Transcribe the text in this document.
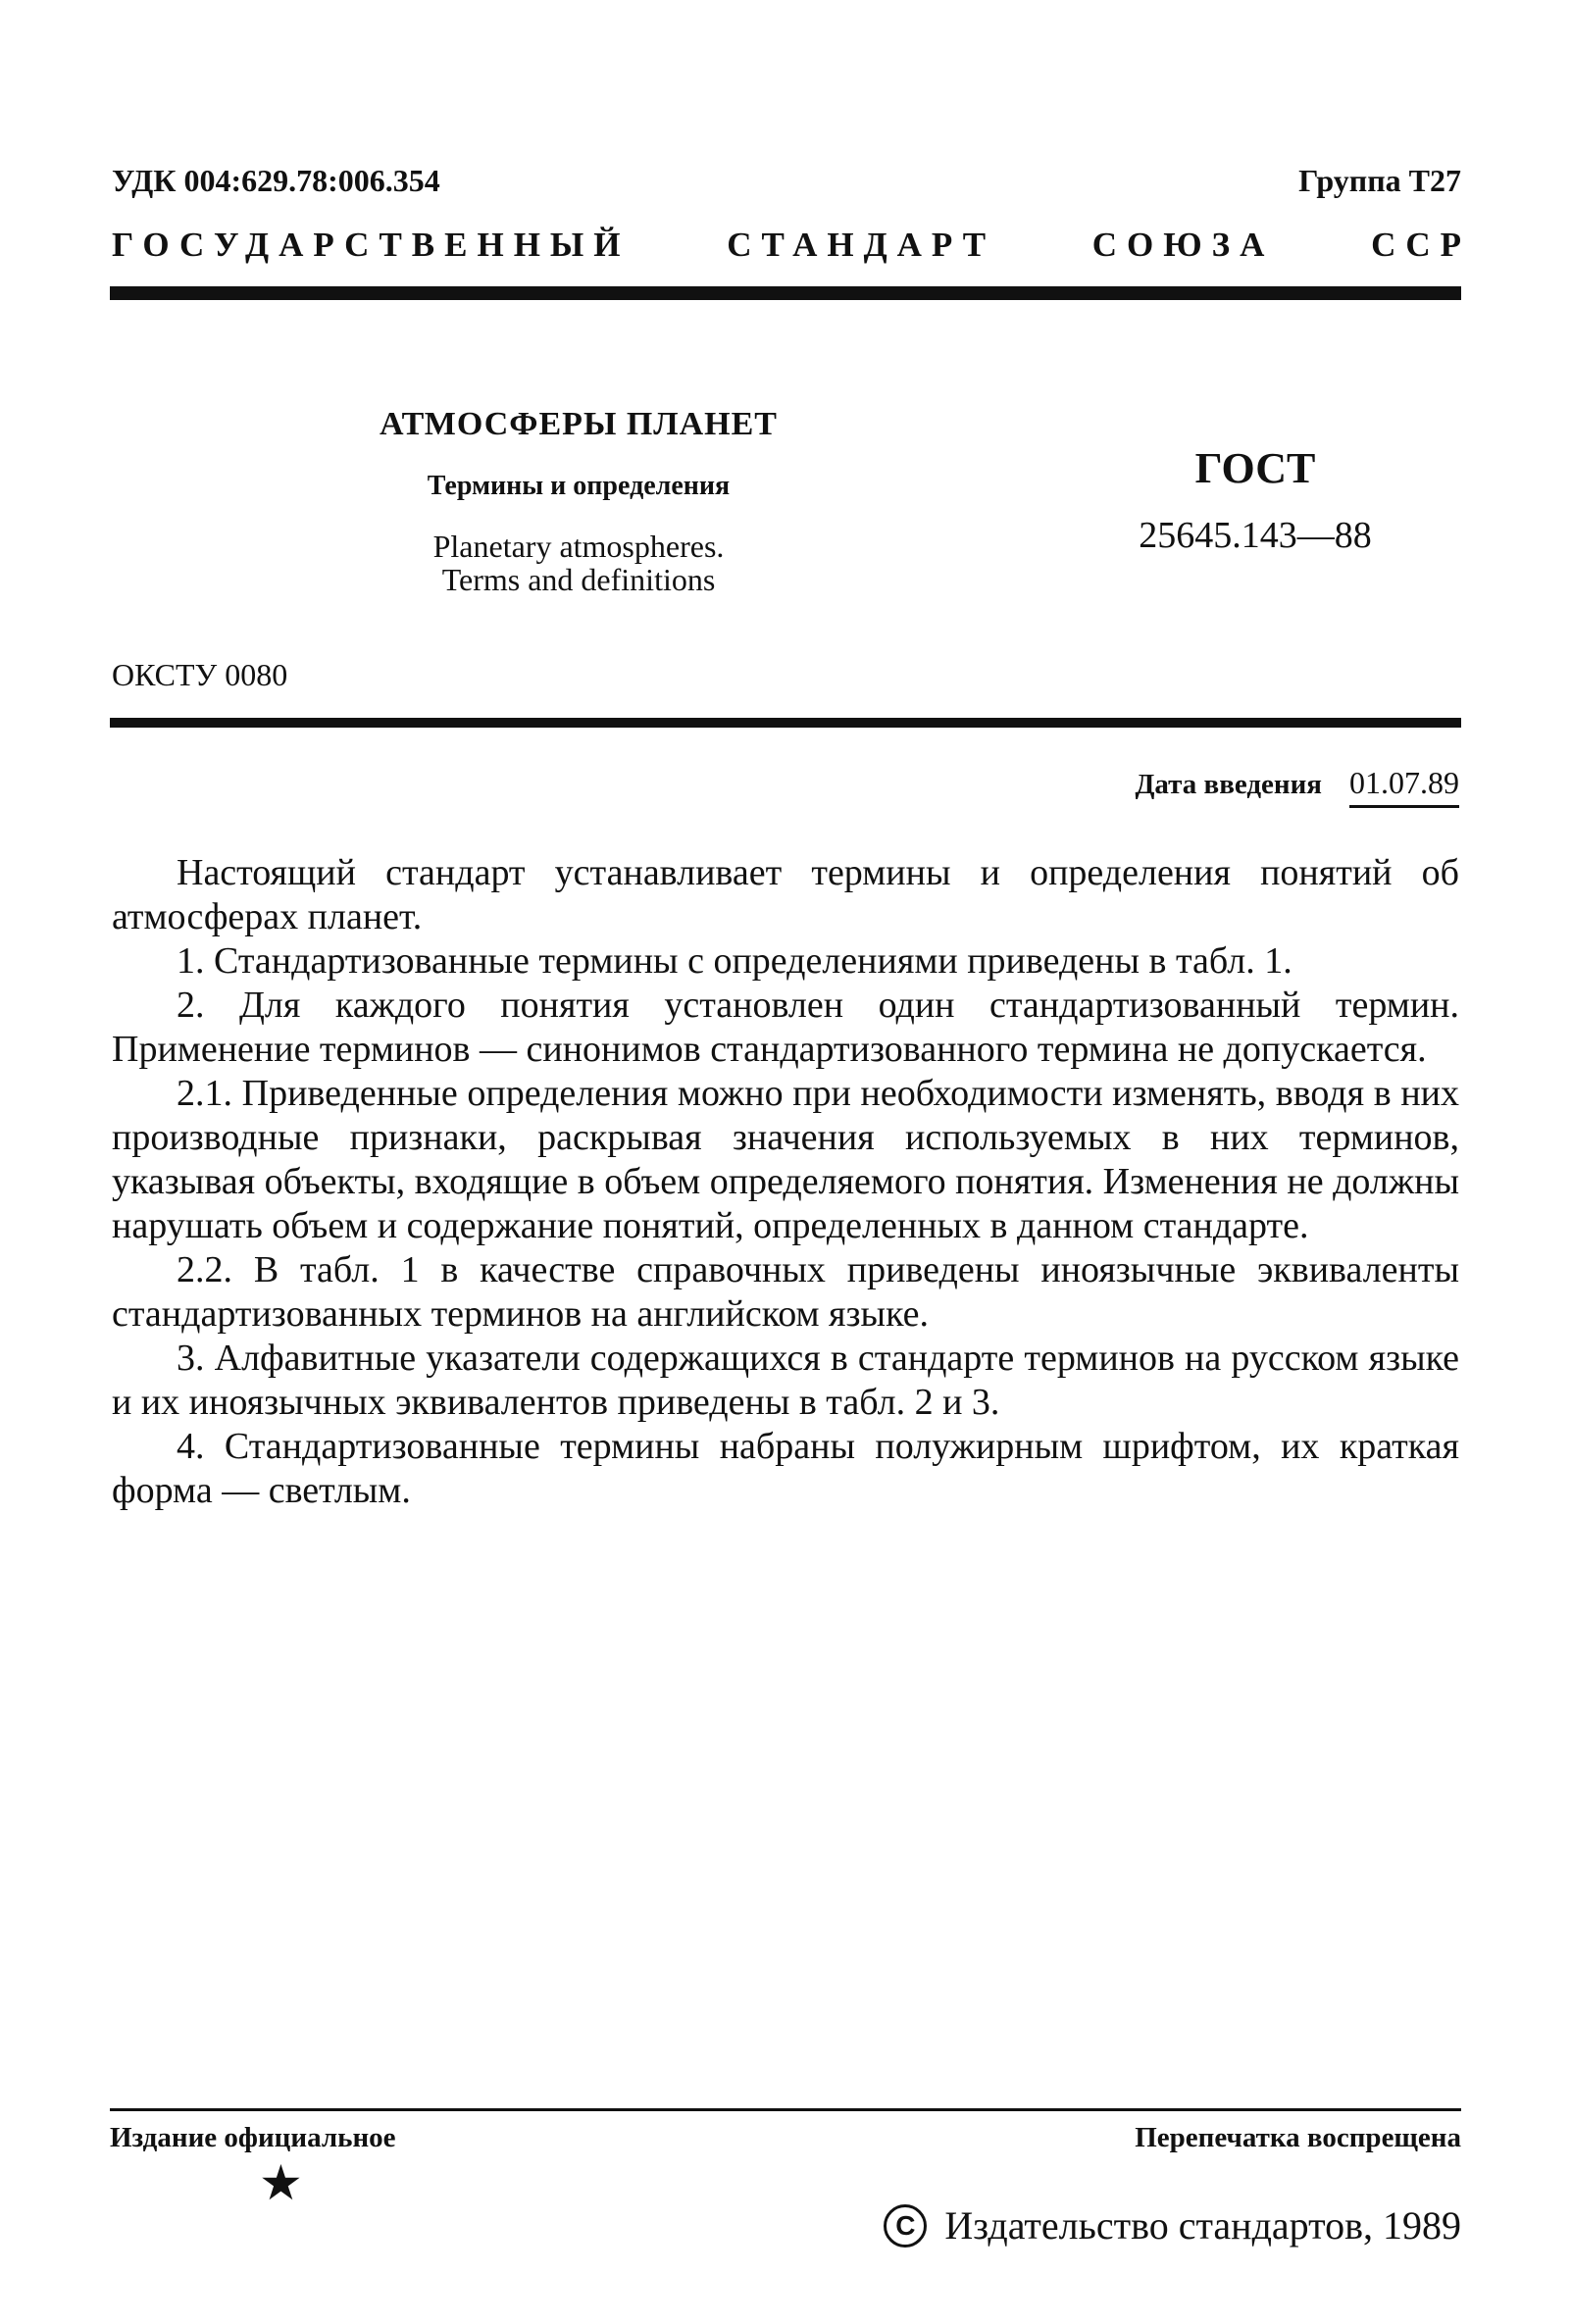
УДК 004:629.78:006.354	Группа Т27
ГОСУДАРСТВЕННЫЙ	СТАНДАРТ	СОЮЗА	ССР
АТМОСФЕРЫ ПЛАНЕТ
Термины и определения
Planetary atmospheres.
Terms and definitions
ГОСТ
25645.143—88
ОКСТУ 0080
Дата введения 01.07.89

Настоящий стандарт устанавливает термины и определения понятий об атмосферах планет.

1. Стандартизованные термины с определениями приведены в табл. 1.

2. Для каждого понятия установлен один стандартизованный термин. Применение терминов — синонимов стандартизованного термина не допускается.

2.1. Приведенные определения можно при необходимости изменять, вводя в них производные признаки, раскрывая значения используемых в них терминов, указывая объекты, входящие в объем определяемого понятия. Изменения не должны нарушать объем и содержание понятий, определенных в данном стандарте.

2.2. В табл. 1 в качестве справочных приведены иноязычные эквиваленты стандартизованных терминов на английском языке.

3. Алфавитные указатели содержащихся в стандарте терминов на русском языке и их иноязычных эквивалентов приведены в табл. 2 и 3.

4. Стандартизованные термины набраны полужирным шрифтом, их краткая форма — светлым.

Издание официальное	Перепечатка воспрещена
★
C Издательство стандартов, 1989
